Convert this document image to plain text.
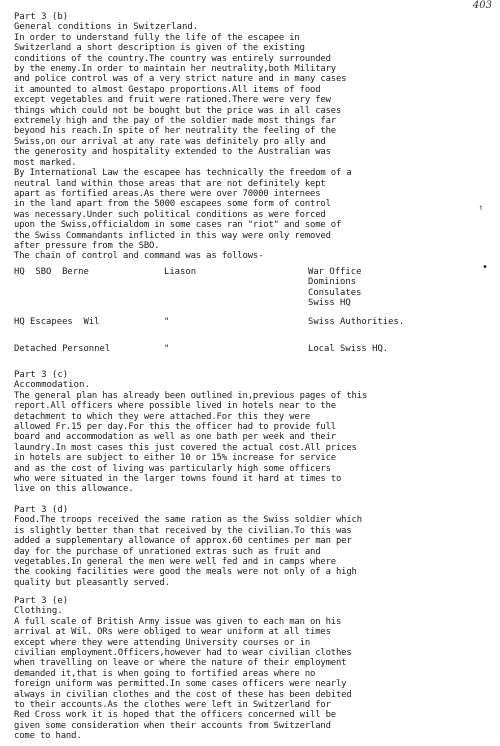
403
ᵗ
•
Part 3 (b)
General conditions in Switzerland.
In order to understand fully the life of the escapee in
Switzerland a short description is given of the existing
conditions of the country.The country was entirely surrounded
by the enemy.In order to maintain her neutrality,both Military
and police control was of a very strict nature and in many cases
it amounted to almost Gestapo proportions.All items of food
except vegetables and fruit were rationed.There were very few
things which could not be bought but the price was in all cases
extremely high and the pay of the soldier made most things far
beyond his reach.In spite of her neutrality the feeling of the
Swiss,on our arrival at any rate was definitely pro ally and
the generosity and hospitality extended to the Australian was
most marked.
By International Law the escapee has technically the freedom of a
neutral land within those areas that are not definitely kept
apart as fortified areas.As there were over 70000 internees
in the land apart from the 5000 escapees some form of control
was necessary.Under such political conditions as were forced
upon the Swiss,officialdom in some cases ran "riot" and some of
the Swiss Commandants inflicted in this way were only removed
after pressure from the SBO.
The chain of control and command was as follows-
HQ  SBO  Berne	Liason	War Office
Dominions
Consulates
Swiss HQ
HQ Escapees  Wil	"	Swiss Authorities.
Detached Personnel	"	Local Swiss HQ.
Part 3 (c)
Accommodation.
The general plan has already been outlined in,previous pages of this
report.All officers where possible lived in hotels near to the
detachment to which they were attached.For this they were
allowed Fr.15 per day.For this the officer had to provide full
board and accommodation as well as one bath per week and their
laundry.In most cases this just covered the actual cost.All prices
in hotels are subject to either 10 or 15% increase for service
and as the cost of living was particularly high some officers
who were situated in the larger towns found it hard at times to
live on this allowance.
Part 3 (d)
Food.The troops received the same ration as the Swiss soldier which
is slightly better than that received by the civilian.To this was
added a supplementary allowance of approx.60 centimes per man per
day for the purchase of unrationed extras such as fruit and
vegetables.In general the men were well fed and in camps where
the cooking facilities were good the meals were not only of a high
quality but pleasantly served.
Part 3 (e)
Clothing.
A full scale of British Army issue was given to each man on his
arrival at Wil. ORs were obliged to wear uniform at all times
except where they were attending University courses or in
civilian employment.Officers,however had to wear civilian clothes
when travelling on leave or where the nature of their employment
demanded it,that is when going to fortified areas where no
foreign uniform was permitted.In some cases officers were nearly
always in civilian clothes and the cost of these has been debited
to their accounts.As the clothes were left in Switzerland for
Red Cross work it is hoped that the officers concerned will be
given some consideration when their accounts from Switzerland
come to hand.
